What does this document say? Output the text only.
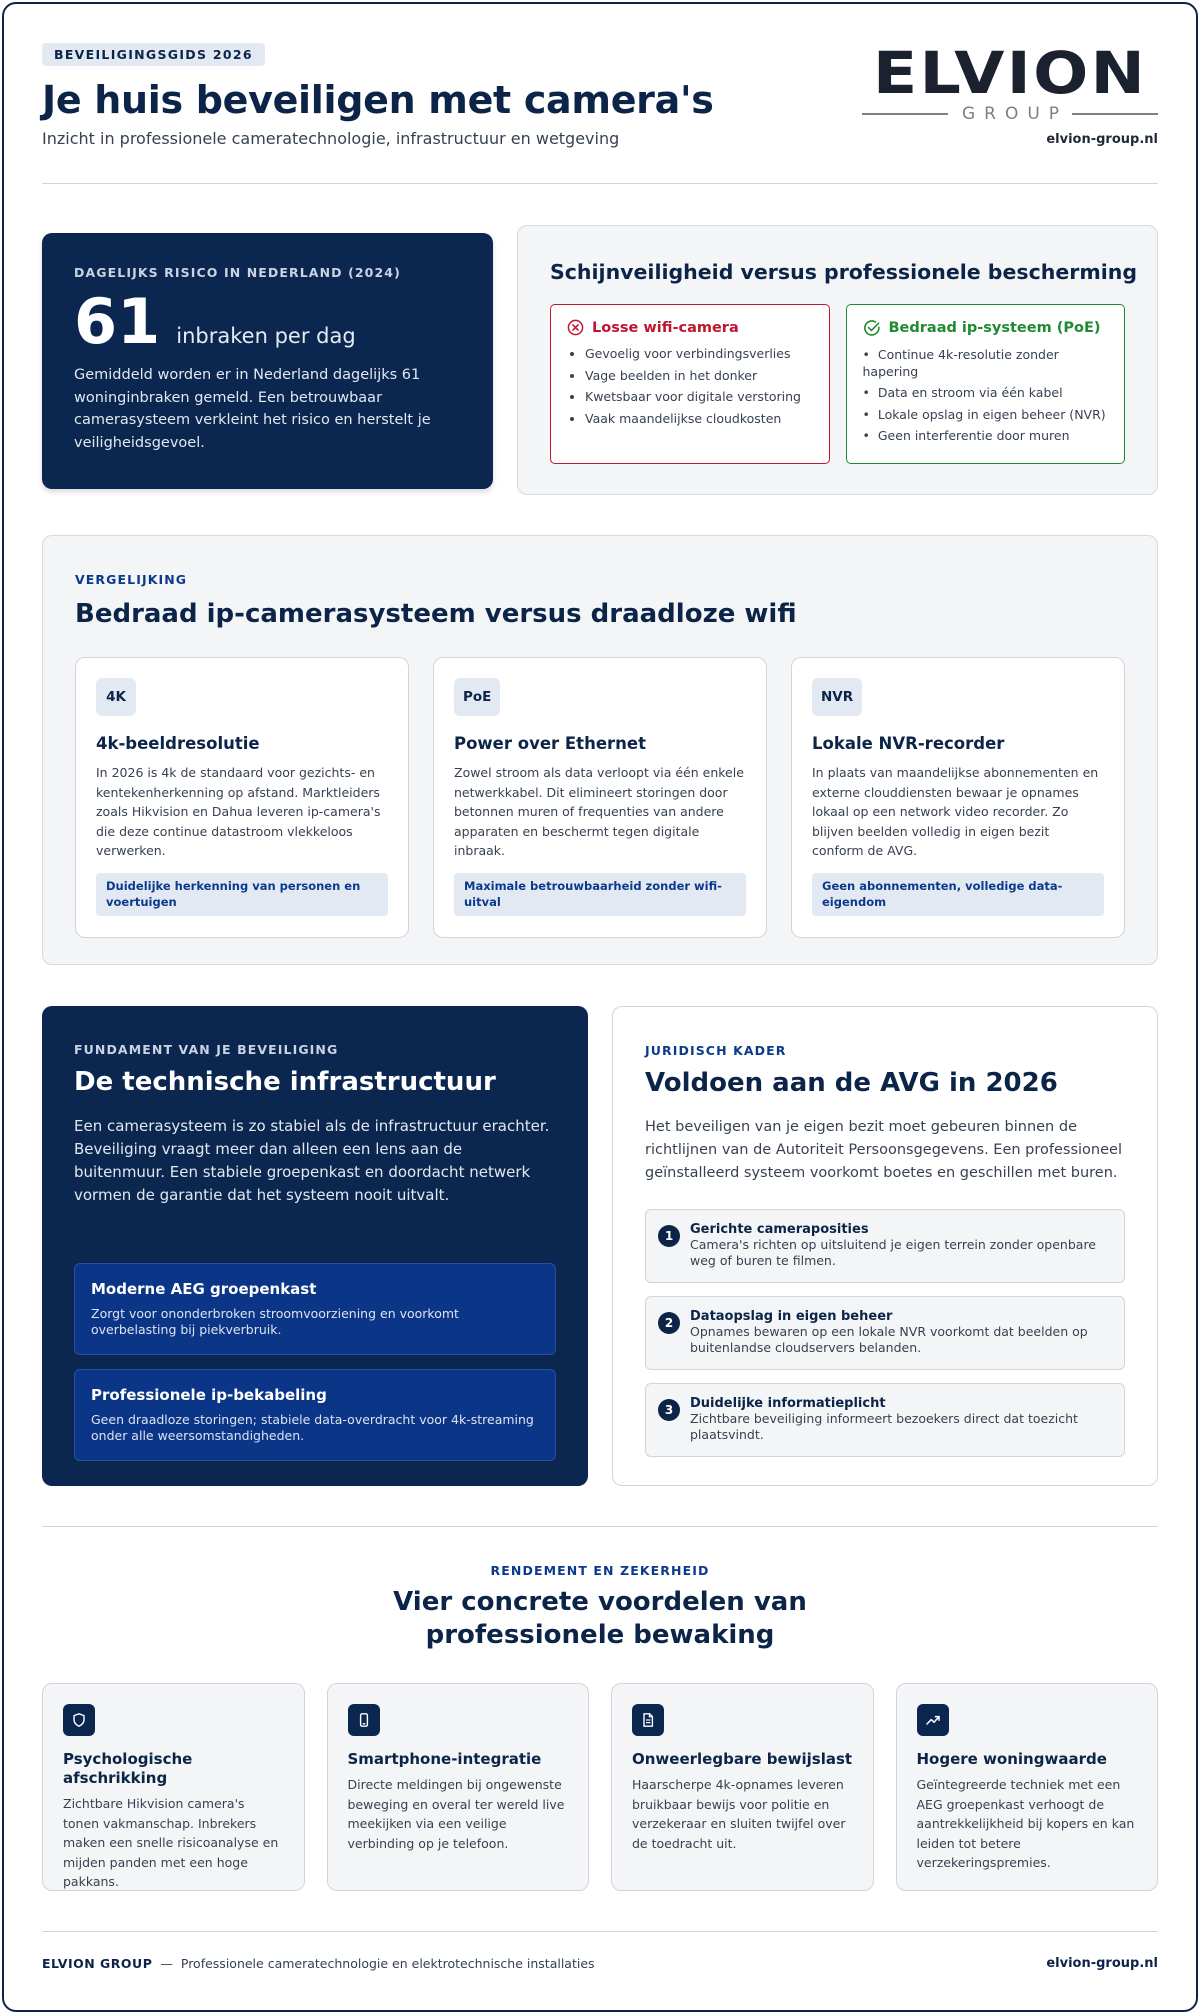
BEVEILIGINGSGIDS 2026
Je huis beveiligen met camera's
Inzicht in professionele cameratechnologie, infrastructuur en wetgeving
ELVION
GROUP
elvion-group.nl
DAGELIJKS RISICO IN NEDERLAND (2024)
61 inbraken per dag

Gemiddeld worden er in Nederland dagelijks 61 woninginbraken gemeld. Een betrouwbaar camerasysteem verkleint het risico en herstelt je veiligheidsgevoel.

Schijnveiligheid versus professionele bescherming
Losse wifi-camera
• Gevoelig voor verbindingsverlies
• Vage beelden in het donker
• Kwetsbaar voor digitale verstoring
• Vaak maandelijkse cloudkosten
Bedraad ip-systeem (PoE)
• Continue 4k-resolutie zonder hapering
• Data en stroom via één kabel
• Lokale opslag in eigen beheer (NVR)
• Geen interferentie door muren
VERGELIJKING
Bedraad ip-camerasysteem versus draadloze wifi
4K
4k-beeldresolutie

In 2026 is 4k de standaard voor gezichts- en kentekenherkenning op afstand. Marktleiders zoals Hikvision en Dahua leveren ip-camera's die deze continue datastroom vlekkeloos verwerken.

Duidelijke herkenning van personen en voertuigen
PoE
Power over Ethernet

Zowel stroom als data verloopt via één enkele netwerkkabel. Dit elimineert storingen door betonnen muren of frequenties van andere apparaten en beschermt tegen digitale inbraak.

Maximale betrouwbaarheid zonder wifi-uitval
NVR
Lokale NVR-recorder

In plaats van maandelijkse abonnementen en externe clouddiensten bewaar je opnames lokaal op een network video recorder. Zo blijven beelden volledig in eigen bezit conform de AVG.

Geen abonnementen, volledige data-eigendom
FUNDAMENT VAN JE BEVEILIGING
De technische infrastructuur

Een camerasysteem is zo stabiel als de infrastructuur erachter. Beveiliging vraagt meer dan alleen een lens aan de buitenmuur. Een stabiele groepenkast en doordacht netwerk vormen de garantie dat het systeem nooit uitvalt.

Moderne AEG groepenkast

Zorgt voor ononderbroken stroomvoorziening en voorkomt overbelasting bij piekverbruik.

Professionele ip-bekabeling

Geen draadloze storingen; stabiele data-overdracht voor 4k-streaming onder alle weersomstandigheden.

JURIDISCH KADER
Voldoen aan de AVG in 2026

Het beveiligen van je eigen bezit moet gebeuren binnen de richtlijnen van de Autoriteit Persoonsgegevens. Een professioneel geïnstalleerd systeem voorkomt boetes en geschillen met buren.

1	Gerichte cameraposities

Camera's richten op uitsluitend je eigen terrein zonder openbare weg of buren te filmen.

2	Dataopslag in eigen beheer

Opnames bewaren op een lokale NVR voorkomt dat beelden op buitenlandse cloudservers belanden.

3	Duidelijke informatieplicht

Zichtbare beveiliging informeert bezoekers direct dat toezicht plaatsvindt.

RENDEMENT EN ZEKERHEID
Vier concrete voordelen van professionele bewaking
Psychologische afschrikking

Zichtbare Hikvision camera's tonen vakmanschap. Inbrekers maken een snelle risicoanalyse en mijden panden met een hoge pakkans.

Smartphone-integratie

Directe meldingen bij ongewenste beweging en overal ter wereld live meekijken via een veilige verbinding op je telefoon.

Onweerlegbare bewijslast

Haarscherpe 4k-opnames leveren bruikbaar bewijs voor politie en verzekeraar en sluiten twijfel over de toedracht uit.

Hogere woningwaarde

Geïntegreerde techniek met een AEG groepenkast verhoogt de aantrekkelijkheid bij kopers en kan leiden tot betere verzekeringspremies.

ELVION GROUP — Professionele cameratechnologie en elektrotechnische installaties	elvion-group.nl
